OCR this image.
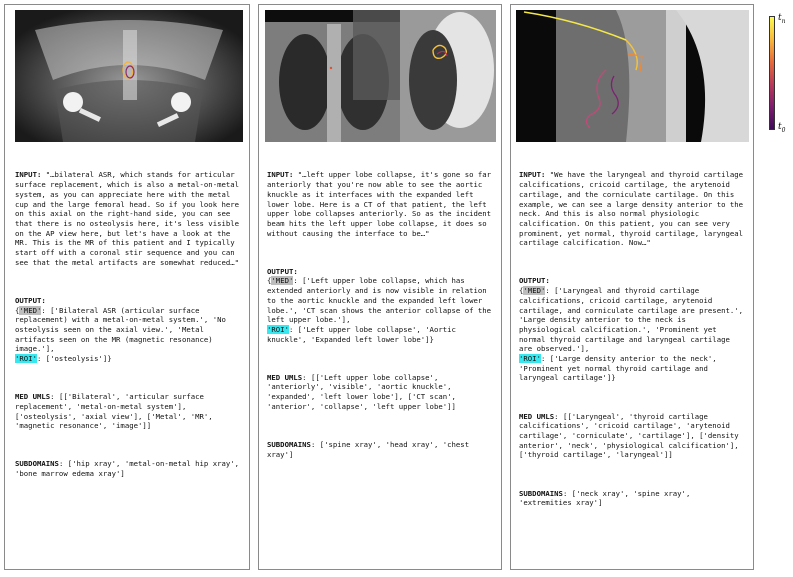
INPUT: "…bilateral ASR, which stands for articular surface replacement, which is also a metal-on-metal system, as you can appreciate here with the metal cup and the large femoral head. So if you look here on this axial on the right-hand side, you can see that there is no osteolysis here, it's less visible on the AP view here, but let's have a look at the MR. This is the MR of this patient and I typically start off with a coronal stir sequence and you can see that the metal artifacts are somewhat reduced…"

OUTPUT:
{'MED': ['Bilateral ASR (articular surface replacement) with a metal-on-metal system.', 'No osteolysis seen on the axial view.', 'Metal artifacts seen on the MR (magnetic resonance) image.'],
'ROI': ['osteolysis']}

MED UMLS: [['Bilateral', 'articular surface replacement', 'metal-on-metal system'], ['osteolysis', 'axial view'], ['Metal', 'MR', 'magnetic resonance', 'image']]

SUBDOMAINS: ['hip xray', 'metal-on-metal hip xray', 'bone marrow edema xray']

INPUT: "…left upper lobe collapse, it's gone so far anteriorly that you're now able to see the aortic knuckle as it interfaces with the expanded left lower lobe. Here is a CT of that patient, the left upper lobe collapses anteriorly. So as the incident beam hits the left upper lobe collapse, it does so without causing the interface to be…"

OUTPUT:
{'MED': ['Left upper lobe collapse, which has extended anteriorly and is now visible in relation to the aortic knuckle and the expanded left lower lobe.', 'CT scan shows the anterior collapse of the left upper lobe.'],
'ROI': ['Left upper lobe collapse', 'Aortic knuckle', 'Expanded left lower lobe']}

MED UMLS: [['Left upper lobe collapse', 'anteriorly', 'visible', 'aortic knuckle', 'expanded', 'left lower lobe'], ['CT scan', 'anterior', 'collapse', 'left upper lobe']]

SUBDOMAINS: ['spine xray', 'head xray', 'chest xray']

INPUT: "We have the laryngeal and thyroid cartilage calcifications, cricoid cartilage, the arytenoid cartilage, and the corniculate cartilage. On this example, we can see a large density anterior to the neck. And this is also normal physiologic calcification. On this patient, you can see very prominent, yet normal, thyroid cartilage, laryngeal cartilage calcification. Now…"

OUTPUT:
{'MED': ['Laryngeal and thyroid cartilage calcifications, cricoid cartilage, arytenoid cartilage, and corniculate cartilage are present.', 'Large density anterior to the neck is physiological calcification.', 'Prominent yet normal thyroid cartilage and laryngeal cartilage are observed.'],
'ROI': ['Large density anterior to the neck', 'Prominent yet normal thyroid cartilage and laryngeal cartilage']}

MED UMLS: [['Laryngeal', 'thyroid cartilage calcifications', 'cricoid cartilage', 'arytenoid cartilage', 'corniculate', 'cartilage'], ['density anterior', 'neck', 'physiological calcification'], ['thyroid cartilage', 'laryngeal']]

SUBDOMAINS: ['neck xray', 'spine xray', 'extremities xray']

$t_n$
$t_0$
